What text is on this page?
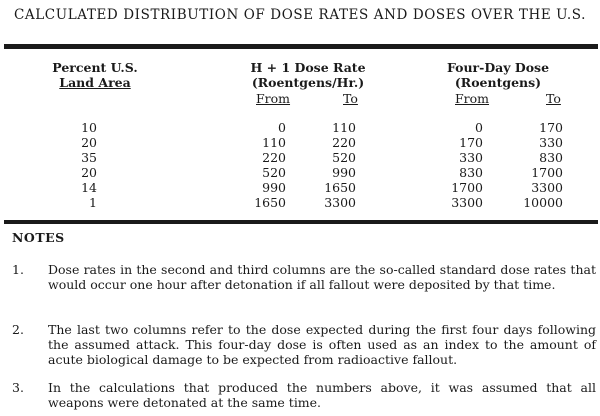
CALCULATED DISTRIBUTION OF DOSE RATES AND DOSES OVER THE U.S.
Percent U.S.
Land Area
H + 1 Dose Rate
(Roentgens/Hr.)
Four-Day Dose
(Roentgens)
From	To	From	To
10	0	110	0	170
20	110	220	170	330
35	220	520	330	830
20	520	990	830	1700
14	990	1650	1700	3300
1	1650	3300	3300	10000
NOTES
1. Dose rates in the second and third columns are the so-called standard dose rates that would occur one hour after detonation if all fallout were deposited by that time.
2. The last two columns refer to the dose expected during the first four days following the assumed attack. This four-day dose is often used as an index to the amount of acute biological damage to be expected from radioactive fallout.
3. In the calculations that produced the numbers above, it was assumed that all weapons were detonated at the same time.
